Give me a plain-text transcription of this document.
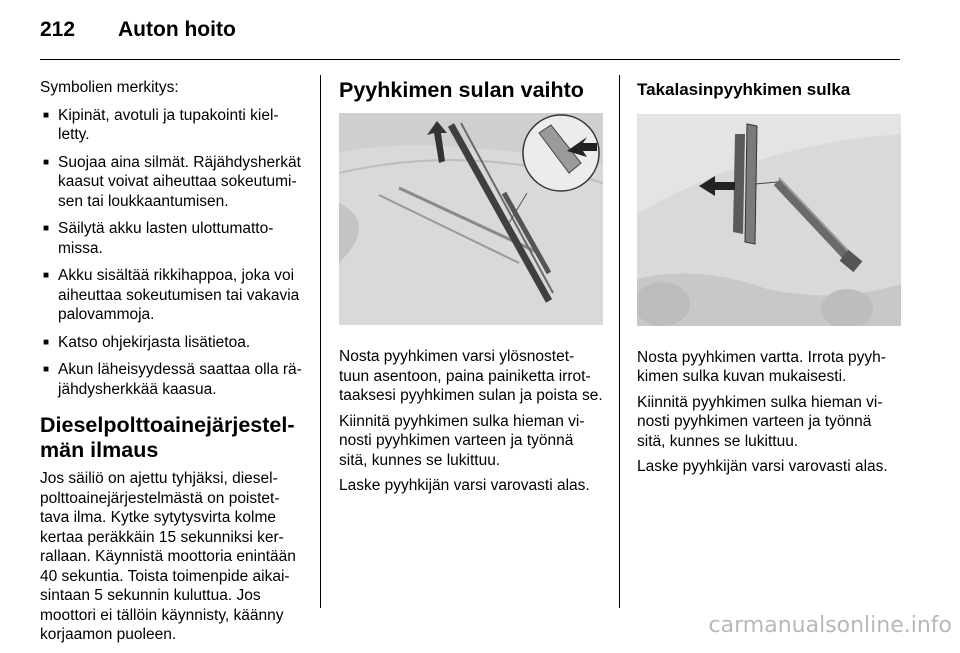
212 Auton hoito

Symbolien merkitys:

■ Kipinät, avotuli ja tupakointi kiel-letty.
■ Suojaa aina silmät. Räjähdysherkät kaasut voivat aiheuttaa sokeutumi-sen tai loukkaantumisen.
■ Säilytä akku lasten ulottumatto-missa.
■ Akku sisältää rikkihappoa, joka voi aiheuttaa sokeutumisen tai vakavia palovammoja.
■ Katso ohjekirjasta lisätietoa.
■ Akun läheisyydessä saattaa olla rä-jähdysherkkää kaasua.
Dieselpolttoainejärjestel-män ilmaus

Jos säiliö on ajettu tyhjäksi, diesel-polttoainejärjestelmästä on poistet-tava ilma. Kytke sytytysvirta kolme kertaa peräkkäin 15 sekunniksi ker-rallaan. Käynnistä moottoria enintään 40 sekuntia. Toista toimenpide aikai-sintaan 5 sekunnin kuluttua. Jos moottori ei tällöin käynnisty, käänny korjaamon puoleen.

Pyyhkimen sulan vaihto

Nosta pyyhkimen varsi ylösnostet-tuun asentoon, paina painiketta irrot-taaksesi pyyhkimen sulan ja poista se.

Kiinnitä pyyhkimen sulka hieman vi-nosti pyyhkimen varteen ja työnnä sitä, kunnes se lukittuu.

Laske pyyhkijän varsi varovasti alas.

Takalasinpyyhkimen sulka

Nosta pyyhkimen vartta. Irrota pyyh-kimen sulka kuvan mukaisesti.

Kiinnitä pyyhkimen sulka hieman vi-nosti pyyhkimen varteen ja työnnä sitä, kunnes se lukittuu.

Laske pyyhkijän varsi varovasti alas.

carmanualsonline.info
